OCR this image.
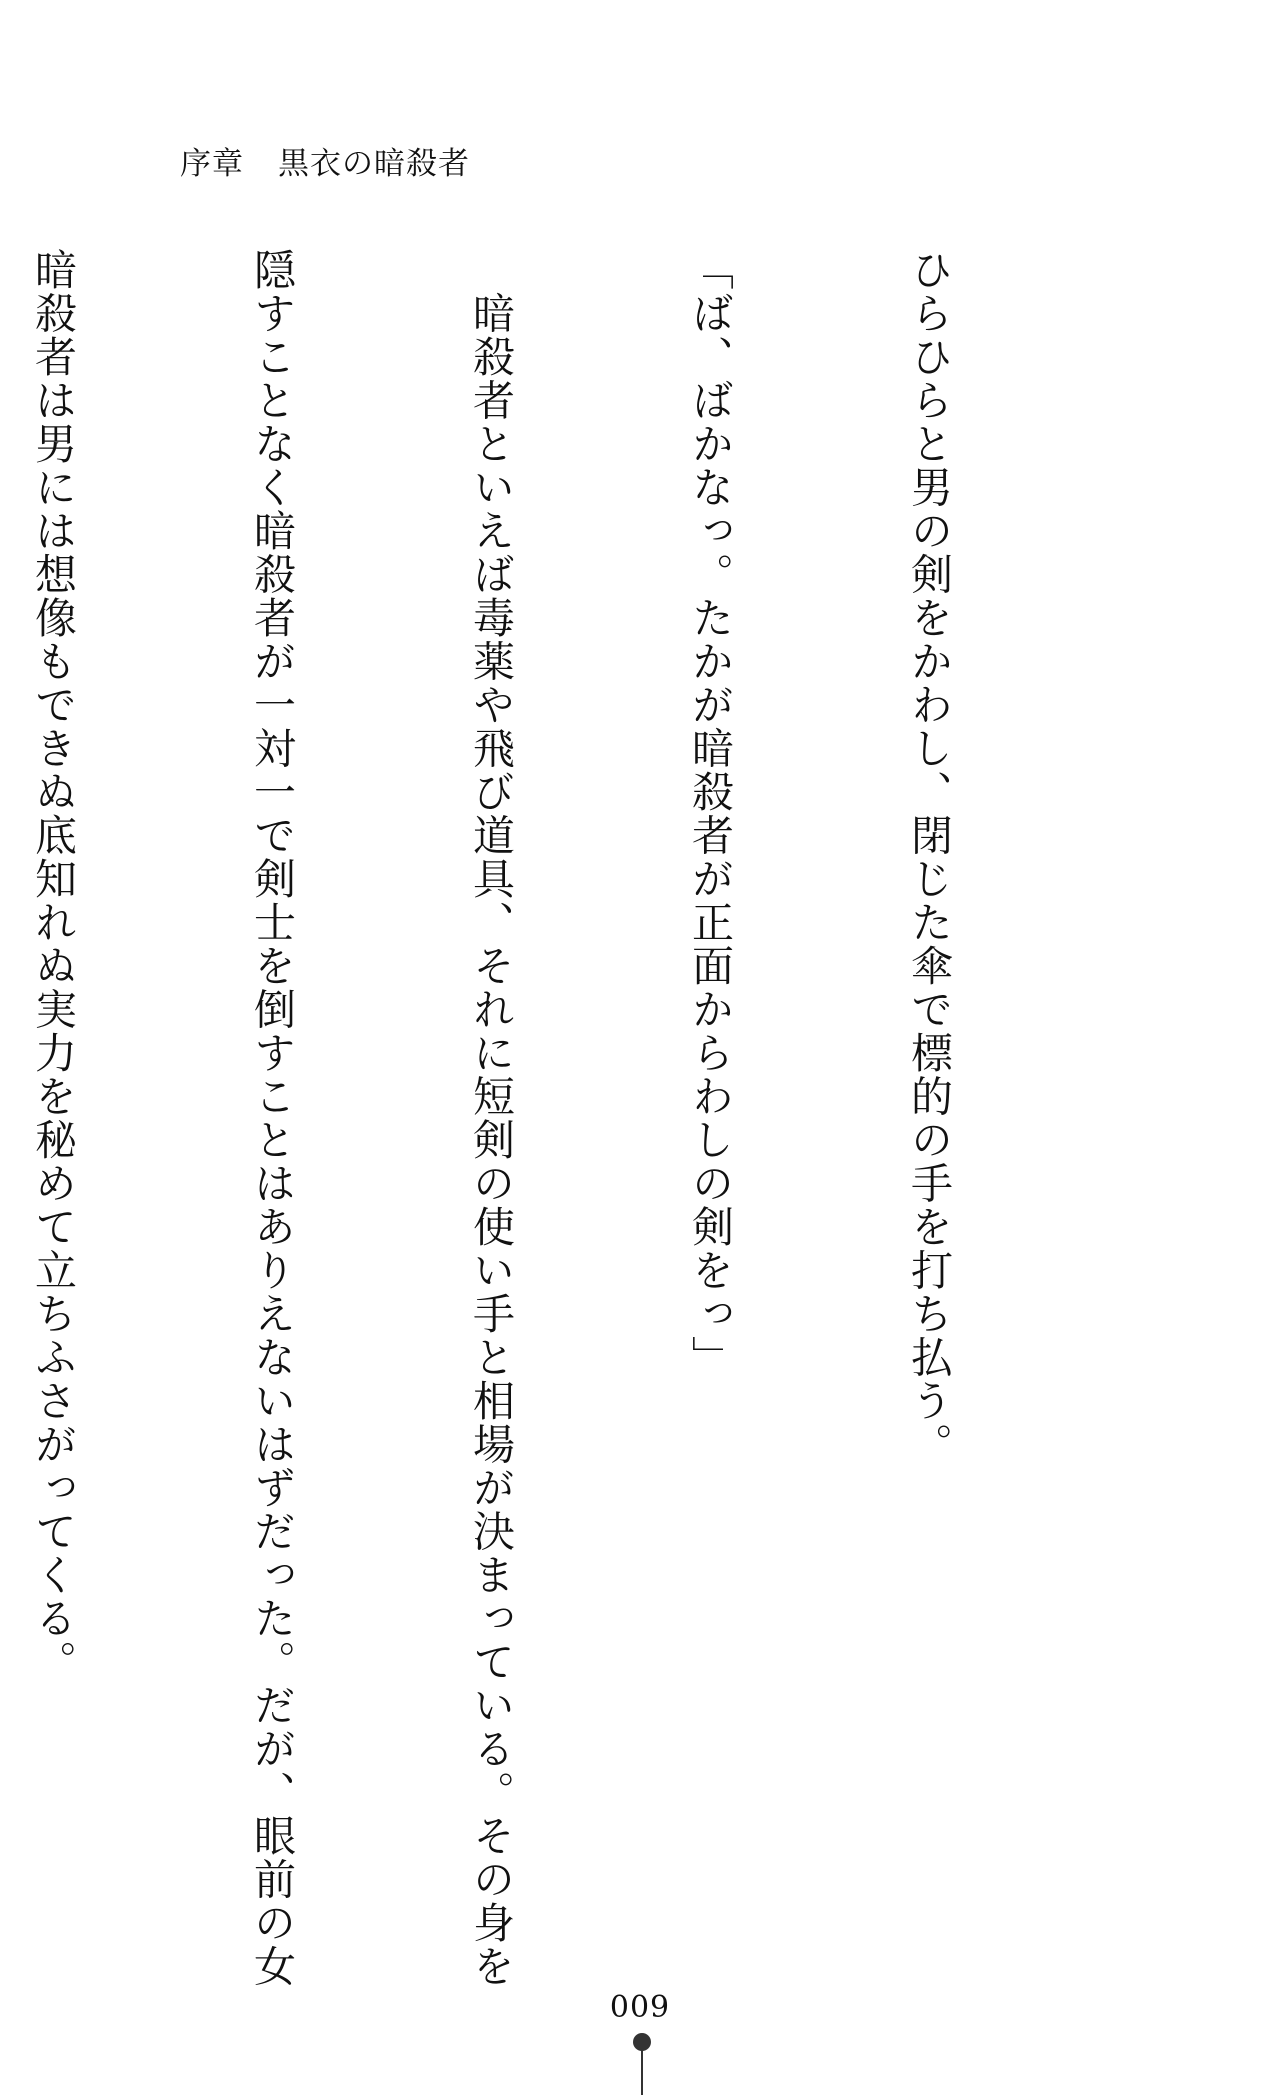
序章 黒衣の暗殺者

ひらひらと男の剣をかわし、閉じた傘で標的の手を打ち払う。

「ば、ばかなっ。たかが暗殺者が正面からわしの剣をっ」

　暗殺者といえば毒薬や飛び道具、それに短剣の使い手と相場が決まっている。その身を

隠すことなく暗殺者が一対一で剣士を倒すことはありえないはずだった。だが、眼前の女

暗殺者は男には想像もできぬ底知れぬ実力を秘めて立ちふさがってくる。

009
